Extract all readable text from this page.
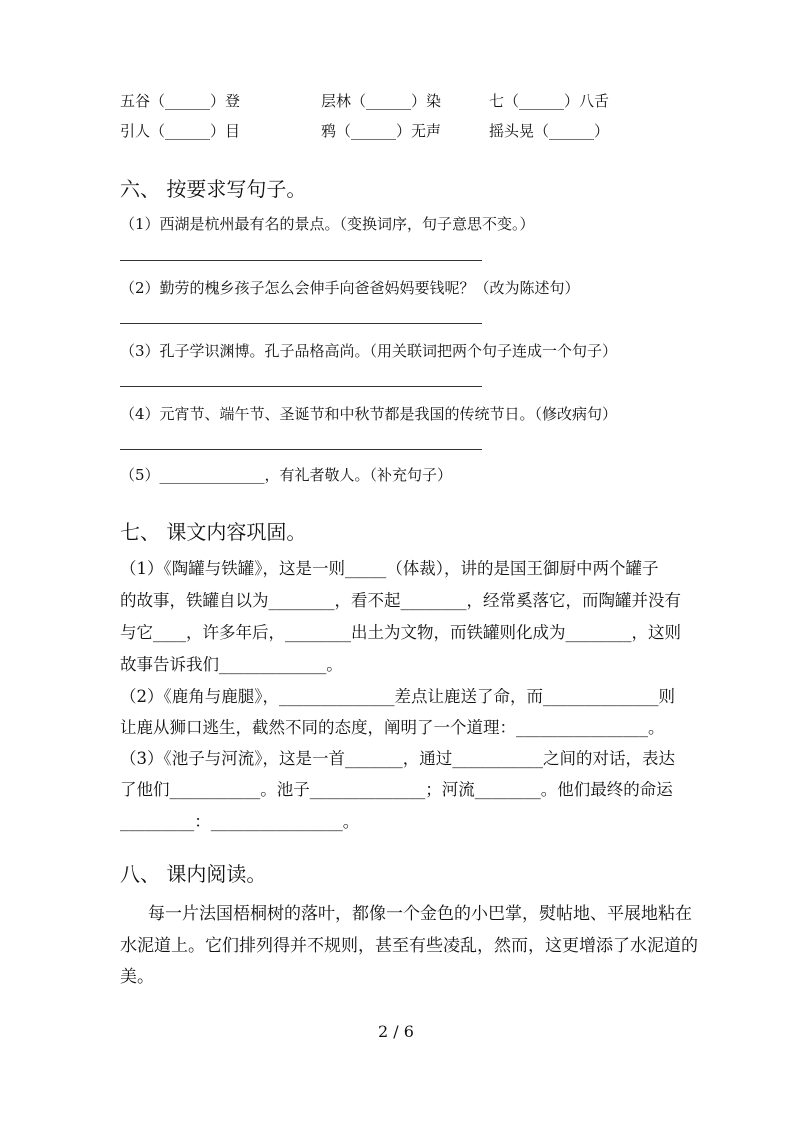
五谷（______）登	层林（______）染	七（______）八舌
引人（______）目	鸦（______）无声	摇头晃（______）
六、 按要求写句子。
（1）西湖是杭州最有名的景点。（变换词序，句子意思不变。）
（2）勤劳的槐乡孩子怎么会伸手向爸爸妈妈要钱呢？（改为陈述句）
（3）孔子学识渊博。孔子品格高尚。（用关联词把两个句子连成一个句子）
（4）元宵节、端午节、圣诞节和中秋节都是我国的传统节日。（修改病句）
（5）______________，有礼者敬人。（补充句子）
七、 课文内容巩固。
（1）《陶罐与铁罐》，这是一则_____（体裁），讲的是国王御厨中两个罐子
的故事，铁罐自以为________，看不起________，经常奚落它，而陶罐并没有
与它____，许多年后，________出土为文物，而铁罐则化成为________，这则
故事告诉我们_____________。
（2）《鹿角与鹿腿》，______________差点让鹿送了命，而______________则
让鹿从狮口逃生，截然不同的态度，阐明了一个道理：________________。
（3）《池子与河流》，这是一首_______，通过___________之间的对话，表达
了他们___________。池子______________；河流________。他们最终的命运
_________：________________。
八、 课内阅读。
每一片法国梧桐树的落叶，都像一个金色的小巴掌，熨帖地、平展地粘在
水泥道上。它们排列得并不规则，甚至有些凌乱，然而，这更增添了水泥道的
美。
2 / 6
